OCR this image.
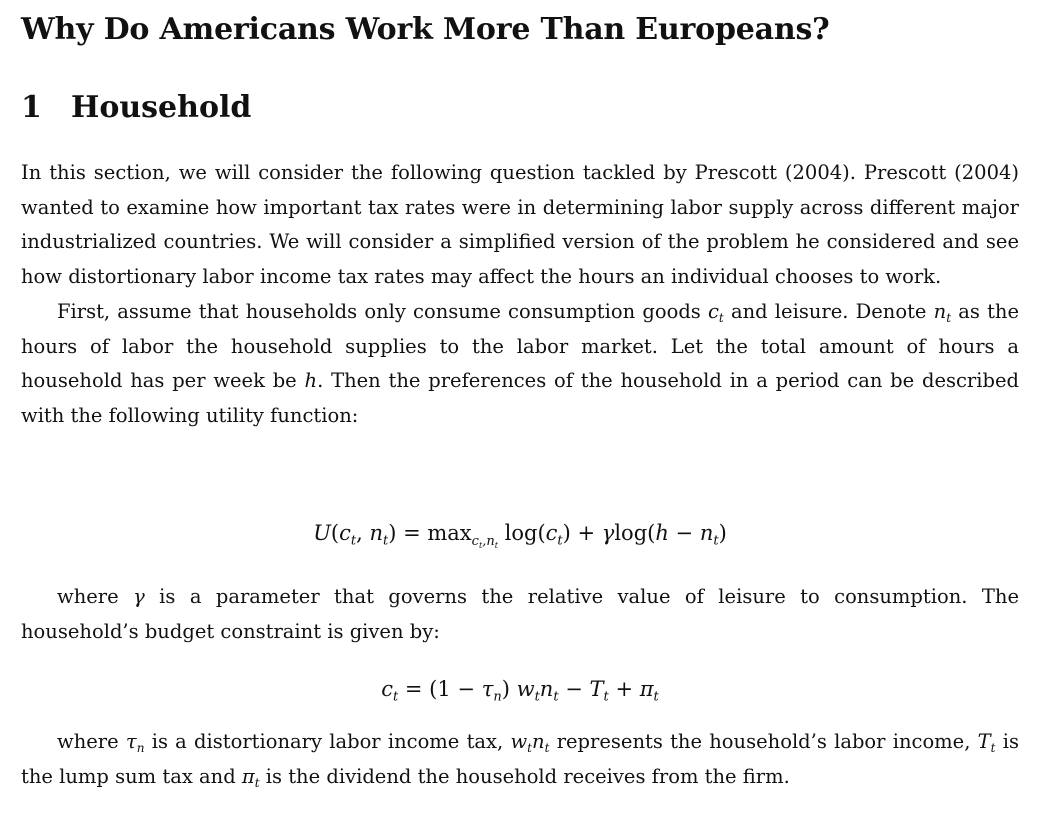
Why Do Americans Work More Than Europeans?
1 Household

In this section, we will consider the following question tackled by Prescott (2004). Prescott (2004) wanted to examine how important tax rates were in determining labor supply across different major industrialized countries. We will consider a simplified version of the problem he considered and see how distortionary labor income tax rates may affect the hours an individual chooses to work.

First, assume that households only consume consumption goods $c_t$ and leisure. Denote $n_t$ as the hours of labor the household supplies to the labor market. Let the total amount of hours a household has per week be h. Then the preferences of the household in a period can be described with the following utility function:

$U(c_t$, $n_t) = \max_{c_t,n_t} \log(c_t) + \gamma\log(h - n_t)$

where γ is a parameter that governs the relative value of leisure to consumption. The household’s budget constraint is given by:

$c_t = (1 - \tau_n) w_tn_t - T_t + \pi_t$

where $\tau_n$ is a distortionary labor income tax, $w_tn_t$ represents the household’s labor income, $T_t$ is the lump sum tax and $\pi_t$ is the dividend the household receives from the firm.
